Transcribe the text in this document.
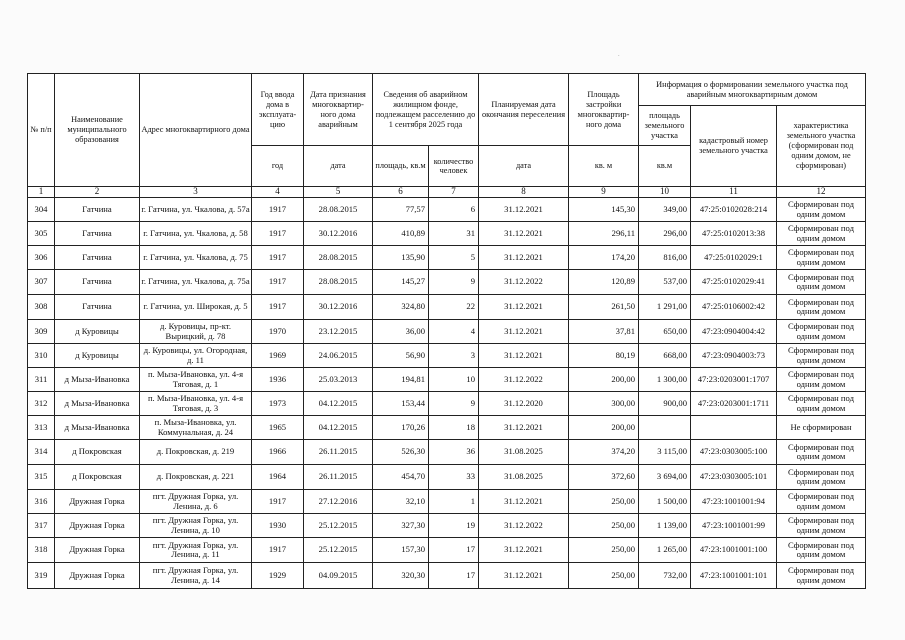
.
№ п/п	Наименование муниципального образования	Адрес многоквартирного дома	Год ввода дома в эксплуата-цию	Дата признания многоквартир-ного дома аварийным	Сведения об аварийном жилищном фонде, подлежащем расселению до 1 сентября 2025 года		Планируемая дата окончания переселения	Площадь застройки многоквартир-ного дома	Информация о формировании земельного участка под аварийным многоквартирным домом		
									площадь земельного участка	кадастровый номер земельного участка	характеристика земельного участка (сформирован под одним домом, не сформирован)
			год	дата	площадь, кв.м	количество человек	дата	кв. м	кв.м		
1	2	3	4	5	6	7	8	9	10	11	12
304	Гатчина	г. Гатчина, ул. Чкалова, д. 57а	1917	28.08.2015	77,57	6	31.12.2021	145,30	349,00	47:25:0102028:214	Сформирован под одним домом
305	Гатчина	г. Гатчина, ул. Чкалова, д. 58	1917	30.12.2016	410,89	31	31.12.2021	296,11	296,00	47:25:0102013:38	Сформирован под одним домом
306	Гатчина	г. Гатчина, ул. Чкалова, д. 75	1917	28.08.2015	135,90	5	31.12.2021	174,20	816,00	47:25:0102029:1	Сформирован под одним домом
307	Гатчина	г. Гатчина, ул. Чкалова, д. 75а	1917	28.08.2015	145,27	9	31.12.2022	120,89	537,00	47:25:0102029:41	Сформирован под одним домом
308	Гатчина	г. Гатчина, ул. Широкая, д. 5	1917	30.12.2016	324,80	22	31.12.2021	261,50	1 291,00	47:25:0106002:42	Сформирован под одним домом
309	д Куровицы	д. Куровицы, пр-кт. Вырицкий, д. 78	1970	23.12.2015	36,00	4	31.12.2021	37,81	650,00	47:23:0904004:42	Сформирован под одним домом
310	д Куровицы	д. Куровицы, ул. Огородная, д. 11	1969	24.06.2015	56,90	3	31.12.2021	80,19	668,00	47:23:0904003:73	Сформирован под одним домом
311	д Мыза-Ивановка	п. Мыза-Ивановка, ул. 4-я Тяговая, д. 1	1936	25.03.2013	194,81	10	31.12.2022	200,00	1 300,00	47:23:0203001:1707	Сформирован под одним домом
312	д Мыза-Ивановка	п. Мыза-Ивановка, ул. 4-я Тяговая, д. 3	1973	04.12.2015	153,44	9	31.12.2020	300,00	900,00	47:23:0203001:1711	Сформирован под одним домом
313	д Мыза-Ивановка	п. Мыза-Ивановка, ул. Коммунальная, д. 24	1965	04.12.2015	170,26	18	31.12.2021	200,00			Не сформирован
314	д Покровская	д. Покровская, д. 219	1966	26.11.2015	526,30	36	31.08.2025	374,20	3 115,00	47:23:0303005:100	Сформирован под одним домом
315	д Покровская	д. Покровская, д. 221	1964	26.11.2015	454,70	33	31.08.2025	372,60	3 694,00	47:23:0303005:101	Сформирован под одним домом
316	Дружная Горка	пгт. Дружная Горка, ул. Ленина, д. 6	1917	27.12.2016	32,10	1	31.12.2021	250,00	1 500,00	47:23:1001001:94	Сформирован под одним домом
317	Дружная Горка	пгт. Дружная Горка, ул. Ленина, д. 10	1930	25.12.2015	327,30	19	31.12.2022	250,00	1 139,00	47:23:1001001:99	Сформирован под одним домом
318	Дружная Горка	пгт. Дружная Горка, ул. Ленина, д. 11	1917	25.12.2015	157,30	17	31.12.2021	250,00	1 265,00	47:23:1001001:100	Сформирован под одним домом
319	Дружная Горка	пгт. Дружная Горка, ул. Ленина, д. 14	1929	04.09.2015	320,30	17	31.12.2021	250,00	732,00	47:23:1001001:101	Сформирован под одним домом
